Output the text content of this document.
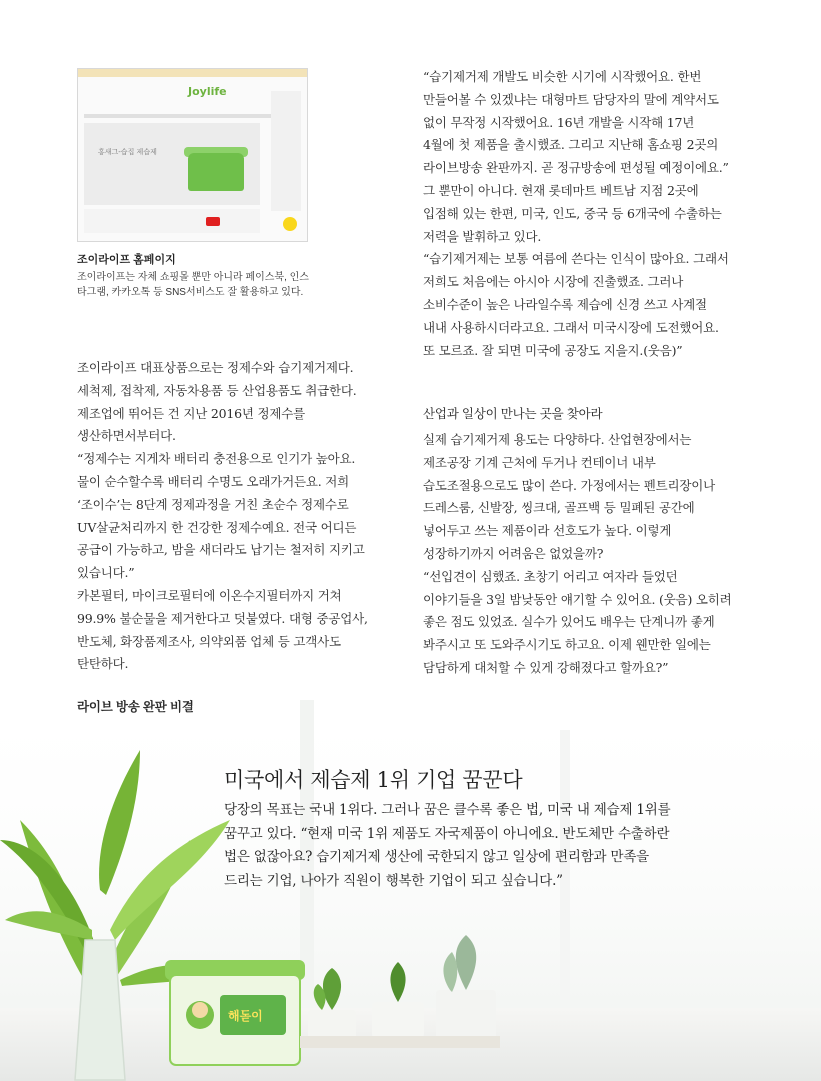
Joylife
홍새그-습집 제습제
조이라이프 홈페이지
조이라이프는 자체 쇼핑몰 뿐만 아니라 페이스북, 인스타그램, 카카오톡 등 SNS서비스도 잘 활용하고 있다.
“습기제거제 개발도 비슷한 시기에 시작했어요. 한번
만들어볼 수 있겠냐는 대형마트 담당자의 말에 계약서도
없이 무작정 시작했어요. 16년 개발을 시작해 17년
4월에 첫 제품을 출시했죠. 그리고 지난해 홈쇼핑 2곳의
라이브방송 완판까지. 곧 정규방송에 편성될 예정이에요.”
그 뿐만이 아니다. 현재 롯데마트 베트남 지점 2곳에
입점해 있는 한편, 미국, 인도, 중국 등 6개국에 수출하는
저력을 발휘하고 있다.
“습기제거제는 보통 여름에 쓴다는 인식이 많아요. 그래서
저희도 처음에는 아시아 시장에 진출했죠. 그러나
소비수준이 높은 나라일수록 제습에 신경 쓰고 사계절
내내 사용하시더라고요. 그래서 미국시장에 도전했어요.
또 모르죠. 잘 되면 미국에 공장도 지을지.(웃음)”
산업과 일상이 만나는 곳을 찾아라
실제 습기제거제 용도는 다양하다. 산업현장에서는
제조공장 기계 근처에 두거나 컨테이너 내부
습도조절용으로도 많이 쓴다. 가정에서는 펜트리장이나
드레스룸, 신발장, 씽크대, 골프백 등 밀폐된 공간에
넣어두고 쓰는 제품이라 선호도가 높다. 이렇게
성장하기까지 어려움은 없었을까?
“선입견이 심했죠. 초창기 어리고 여자라 들었던
이야기들을 3일 밤낮동안 얘기할 수 있어요. (웃음) 오히려
좋은 점도 있었죠. 실수가 있어도 배우는 단계니까 좋게
봐주시고 또 도와주시기도 하고요. 이제 웬만한 일에는
담담하게 대처할 수 있게 강해졌다고 할까요?”
조이라이프 대표상품으로는 정제수와 습기제거제다.
세척제, 접착제, 자동차용품 등 산업용품도 취급한다.
제조업에 뛰어든 건 지난 2016년 정제수를
생산하면서부터다.
“정제수는 지게차 배터리 충전용으로 인기가 높아요.
물이 순수할수록 배터리 수명도 오래가거든요. 저희
‘조이수’는 8단계 정제과정을 거친 초순수 정제수로
UV살균처리까지 한 건강한 정제수예요. 전국 어디든
공급이 가능하고, 밤을 새더라도 납기는 철저히 지키고
있습니다.”
카본필터, 마이크로필터에 이온수지필터까지 거쳐
99.9% 불순물을 제거한다고 덧붙였다. 대형 중공업사,
반도체, 화장품제조사, 의약외품 업체 등 고객사도
탄탄하다.
해돋이
미국에서 제습제 1위 기업 꿈꾼다
당장의 목표는 국내 1위다. 그러나 꿈은 클수록 좋은 법, 미국 내 제습제 1위를
꿈꾸고 있다. “현재 미국 1위 제품도 자국제품이 아니에요. 반도체만 수출하란
법은 없잖아요? 습기제거제 생산에 국한되지 않고 일상에 편리함과 만족을
드리는 기업, 나아가 직원이 행복한 기업이 되고 싶습니다.”
